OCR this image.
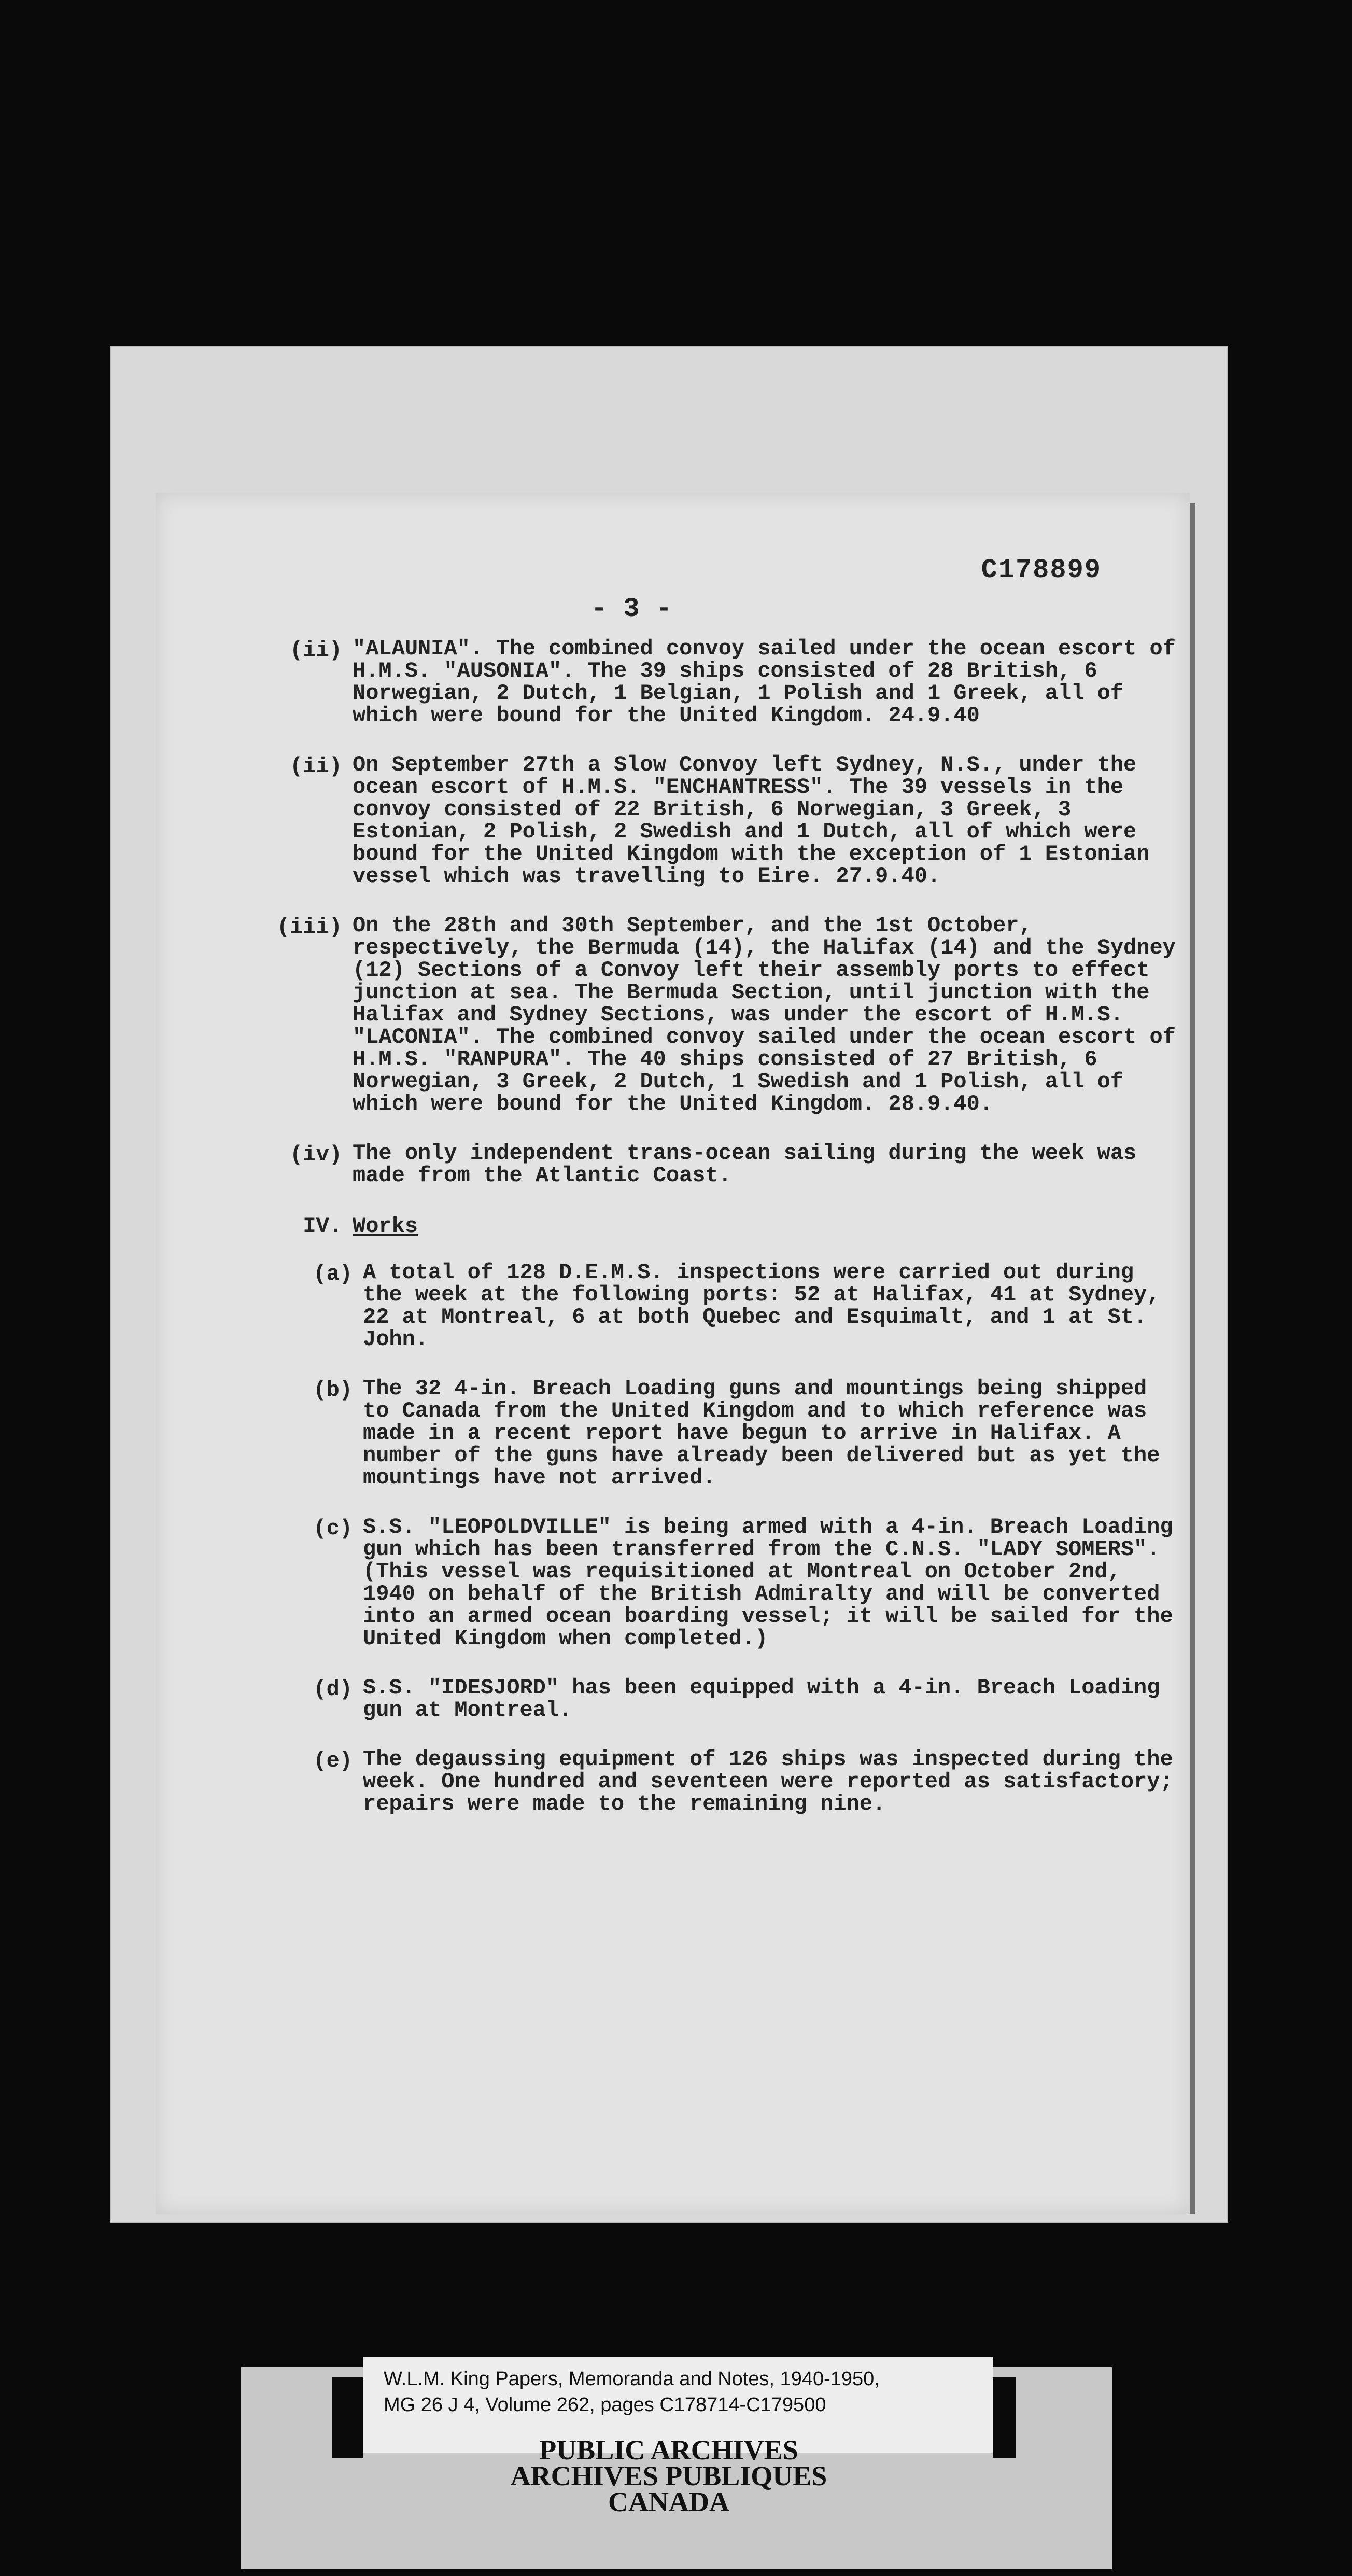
C178899
- 3 -
(ii) "ALAUNIA". The combined convoy sailed under the ocean escort of H.M.S. "AUSONIA". The 39 ships consisted of 28 British, 6 Norwegian, 2 Dutch, 1 Belgian, 1 Polish and 1 Greek, all of which were bound for the United Kingdom. 24.9.40
(ii) On September 27th a Slow Convoy left Sydney, N.S., under the ocean escort of H.M.S. "ENCHANTRESS". The 39 vessels in the convoy consisted of 22 British, 6 Norwegian, 3 Greek, 3 Estonian, 2 Polish, 2 Swedish and 1 Dutch, all of which were bound for the United Kingdom with the exception of 1 Estonian vessel which was travelling to Eire. 27.9.40.
(iii) On the 28th and 30th September, and the 1st October, respectively, the Bermuda (14), the Halifax (14) and the Sydney (12) Sections of a Convoy left their assembly ports to effect junction at sea. The Bermuda Section, until junction with the Halifax and Sydney Sections, was under the escort of H.M.S. "LACONIA". The combined convoy sailed under the ocean escort of H.M.S. "RANPURA". The 40 ships consisted of 27 British, 6 Norwegian, 3 Greek, 2 Dutch, 1 Swedish and 1 Polish, all of which were bound for the United Kingdom. 28.9.40.
(iv) The only independent trans-ocean sailing during the week was made from the Atlantic Coast.
IV. Works
(a) A total of 128 D.E.M.S. inspections were carried out during the week at the following ports: 52 at Halifax, 41 at Sydney, 22 at Montreal, 6 at both Quebec and Esquimalt, and 1 at St. John.
(b) The 32 4-in. Breach Loading guns and mountings being shipped to Canada from the United Kingdom and to which reference was made in a recent report have begun to arrive in Halifax. A number of the guns have already been delivered but as yet the mountings have not arrived.
(c) S.S. "LEOPOLDVILLE" is being armed with a 4-in. Breach Loading gun which has been transferred from the C.N.S. "LADY SOMERS". (This vessel was requisitioned at Montreal on October 2nd, 1940 on behalf of the British Admiralty and will be converted into an armed ocean boarding vessel; it will be sailed for the United Kingdom when completed.)
(d) S.S. "IDESJORD" has been equipped with a 4-in. Breach Loading gun at Montreal.
(e) The degaussing equipment of 126 ships was inspected during the week. One hundred and seventeen were reported as satisfactory; repairs were made to the remaining nine.
W.L.M. King Papers, Memoranda and Notes, 1940-1950,
MG 26 J 4, Volume 262, pages C178714-C179500
PUBLIC ARCHIVES
ARCHIVES PUBLIQUES
CANADA
